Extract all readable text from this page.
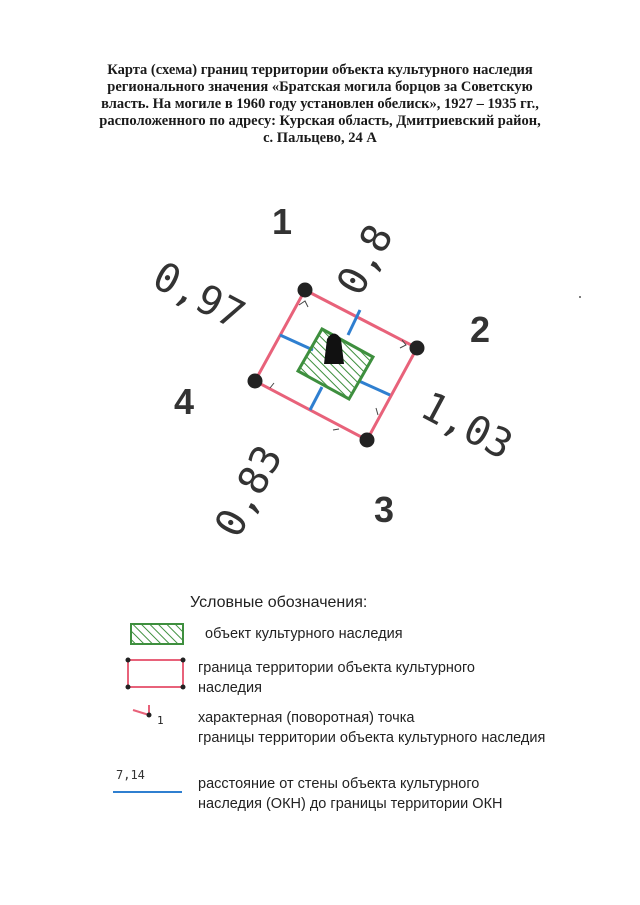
Карта (схема) границ территории объекта культурного наследия
регионального значения «Братская могила борцов за Советскую
власть. На могиле в 1960 году установлен обелиск», 1927 – 1935 гг.,
расположенного по адресу: Курская область, Дмитриевский район,
с. Пальцево, 24 А
1
2
3
4
0,97 0,8
1,03
0,83
Условные обозначения:
объект культурного наследия
граница территории объекта культурного
наследия
1 характерная (поворотная) точка
границы территории объекта культурного наследия
7,14
расстояние от стены объекта культурного
наследия (ОКН) до границы территории ОКН
